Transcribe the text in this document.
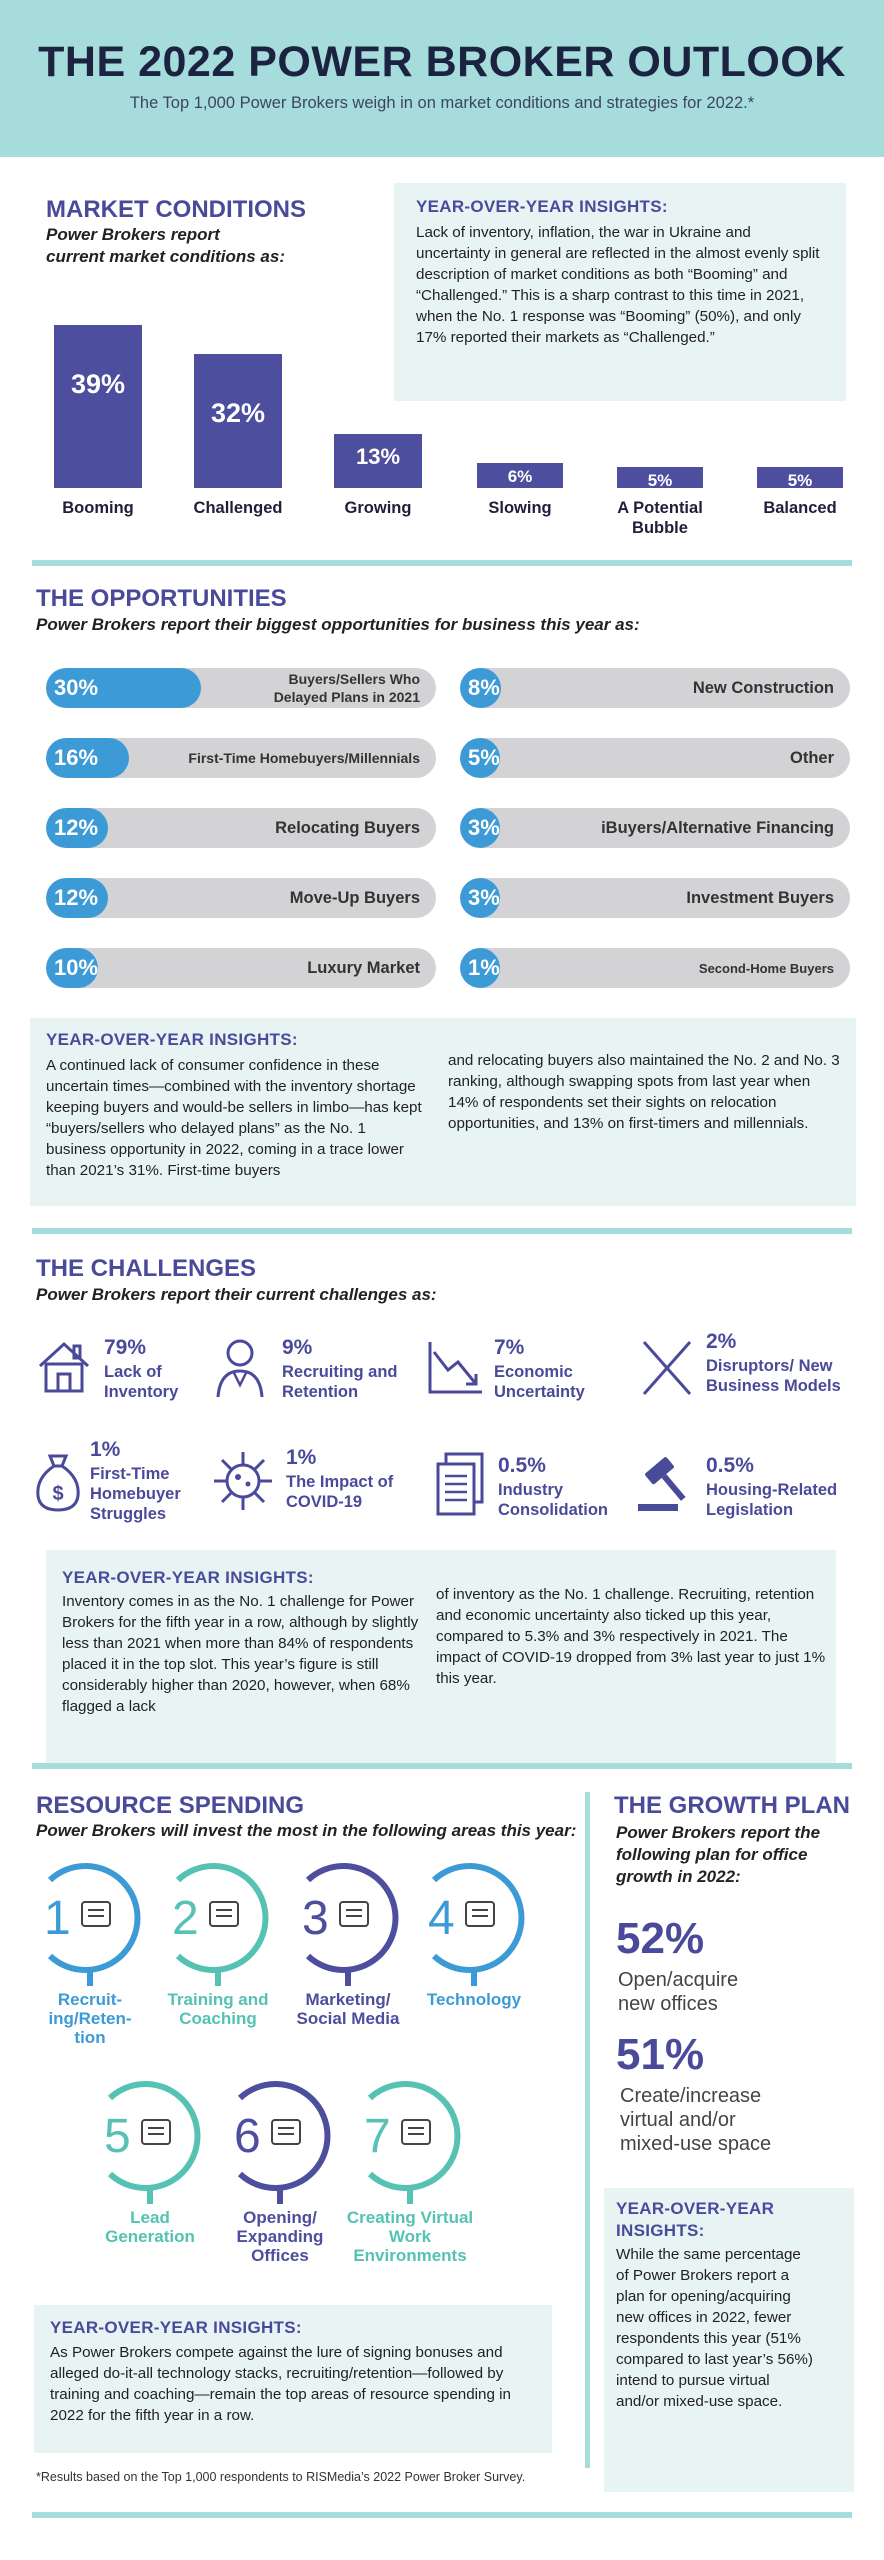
THE 2022 POWER BROKER OUTLOOK

The Top 1,000 Power Brokers weigh in on market conditions and strategies for 2022.*

MARKET CONDITIONS
Power Brokers report
current market conditions as:
YEAR-OVER-YEAR INSIGHTS:
Lack of inventory, inflation, the war in Ukraine and uncertainty in general are reflected in the almost evenly split description of market conditions as both “Booming” and “Challenged.” This is a sharp contrast to this time in 2021, when the No. 1 response was “Booming” (50%), and only 17% reported their markets as “Challenged.”
39%
Booming
32%
Challenged
13%
Growing
6%
Slowing
5%
A Potential Bubble
5%
Balanced
THE OPPORTUNITIES
Power Brokers report their biggest opportunities for business this year as:
30%	Buyers/Sellers Who Delayed Plans in 2021
16%	First-Time Homebuyers/Millennials
12%	Relocating Buyers
12%	Move-Up Buyers
10%	Luxury Market
8%	New Construction
5%	Other
3%	iBuyers/Alternative Financing
3%	Investment Buyers
1%	Second-Home Buyers
YEAR-OVER-YEAR INSIGHTS:
A continued lack of consumer confidence in these uncertain times—combined with the inventory shortage keeping buyers and would-be sellers in limbo—has kept “buyers/sellers who delayed plans” as the No. 1 business opportunity in 2022, coming in a trace lower than 2021’s 31%. First-time buyers
and relocating buyers also maintained the No. 2 and No. 3 ranking, although swapping spots from last year when 14% of respondents set their sights on relocation opportunities, and 13% on first-timers and millennials.
THE CHALLENGES
Power Brokers report their current challenges as:
$
79%
Lack of Inventory
9%
Recruiting and Retention
7%
Economic Uncertainty
2%
Disruptors/ New Business Models
1%
First-Time Homebuyer Struggles
1%
The Impact of COVID-19
0.5%
Industry Consolidation
0.5%
Housing-Related Legislation
YEAR-OVER-YEAR INSIGHTS:
Inventory comes in as the No. 1 challenge for Power Brokers for the fifth year in a row, although by slightly less than 2021 when more than 84% of respondents placed it in the top slot. This year’s figure is still considerably higher than 2020, however, when 68% flagged a lack
of inventory as the No. 1 challenge. Recruiting, retention and economic uncertainty also ticked up this year, compared to 5.3% and 3% respectively in 2021. The impact of COVID-19 dropped from 3% last year to just 1% this year.
RESOURCE SPENDING
Power Brokers will invest the most in the following areas this year:
1
Recruit-ing/Reten-tion
2
Training and Coaching
3
Marketing/ Social Media
4
Technology
5
Lead Generation
6
Opening/ Expanding Offices
7
Creating Virtual Work Environments
YEAR-OVER-YEAR INSIGHTS:
As Power Brokers compete against the lure of signing bonuses and alleged do-it-all technology stacks, recruiting/retention—followed by training and coaching—remain the top areas of resource spending in 2022 for the fifth year in a row.
*Results based on the Top 1,000 respondents to RISMedia’s 2022 Power Broker Survey.
THE GROWTH PLAN
Power Brokers report the following plan for office growth in 2022:
52%
Open/acquire new offices
51%
Create/increase virtual and/or mixed-use space
YEAR-OVER-YEAR INSIGHTS:
While the same percentage of Power Brokers report a plan for opening/acquiring new offices in 2022, fewer respondents this year (51% compared to last year’s 56%) intend to pursue virtual and/or mixed-use space.
